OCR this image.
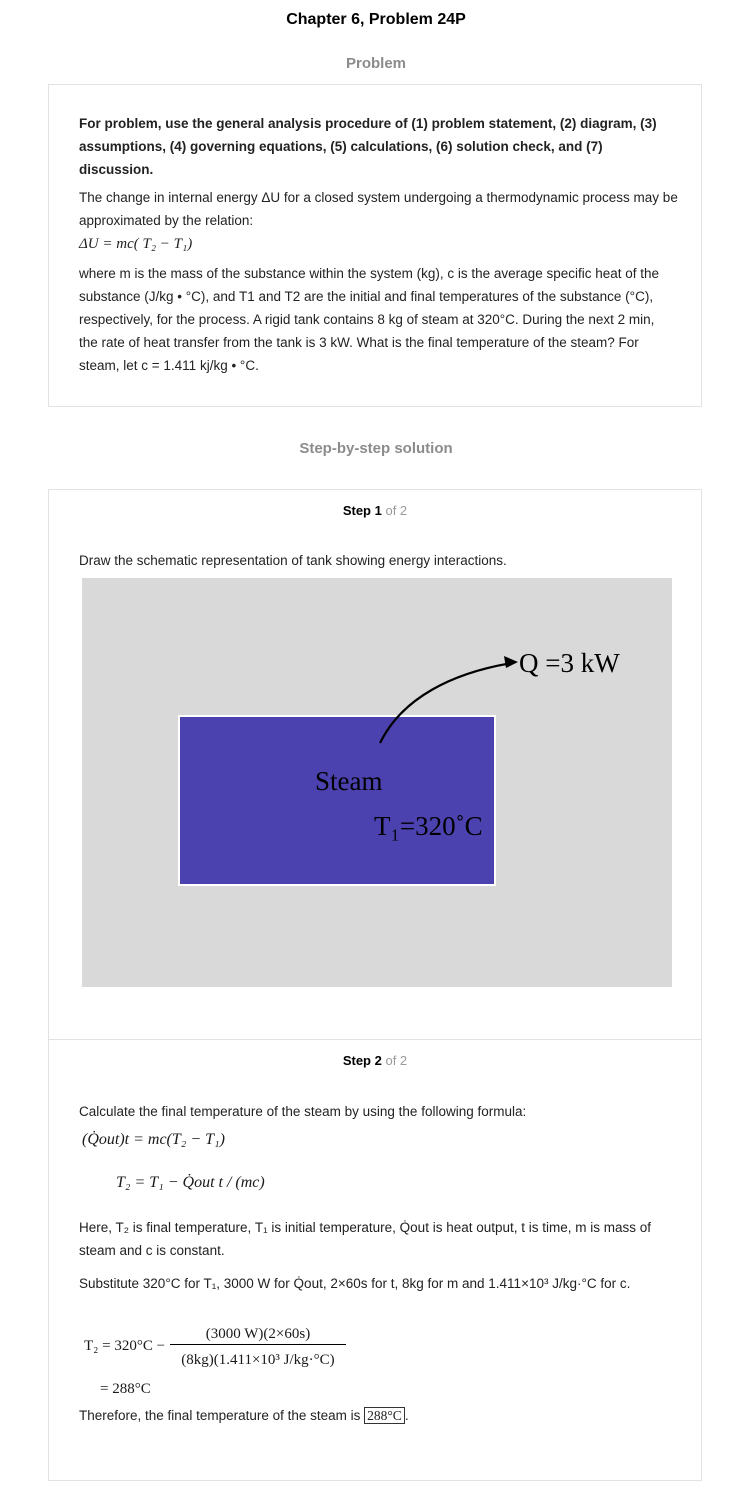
Chapter 6, Problem 24P
Problem
For problem, use the general analysis procedure of (1) problem statement, (2) diagram, (3) assumptions, (4) governing equations, (5) calculations, (6) solution check, and (7) discussion.
The change in internal energy ΔU for a closed system undergoing a thermodynamic process may be approximated by the relation:
ΔU = mc( T₂ − T₁)
where m is the mass of the substance within the system (kg), c is the average specific heat of the substance (J/kg • °C), and T1 and T2 are the initial and final temperatures of the substance (°C), respectively, for the process. A rigid tank contains 8 kg of steam at 320°C. During the next 2 min, the rate of heat transfer from the tank is 3 kW. What is the final temperature of the steam? For steam, let c = 1.411 kj/kg • °C.
Step-by-step solution
Step 1 of 2
Draw the schematic representation of tank showing energy interactions.
Q =3 kW
Steam
T₁=320˚C
Step 2 of 2
Calculate the final temperature of the steam by using the following formula:
(Q̇out)t = mc(T₂ − T₁)
T₂ = T₁ − Q̇out t / (mc)
Here, T₂ is final temperature, T₁ is initial temperature, Q̇out is heat output, t is time, m is mass of steam and c is constant.
Substitute 320°C for T₁, 3000 W for Q̇out, 2×60s for t, 8kg for m and 1.411×10³ J/kg·°C for c.
T₂ = 320°C −
(3000 W)(2×60s)
(8kg)(1.411×10³ J/kg·°C)
= 288°C
Therefore, the final temperature of the steam is 288°C .
